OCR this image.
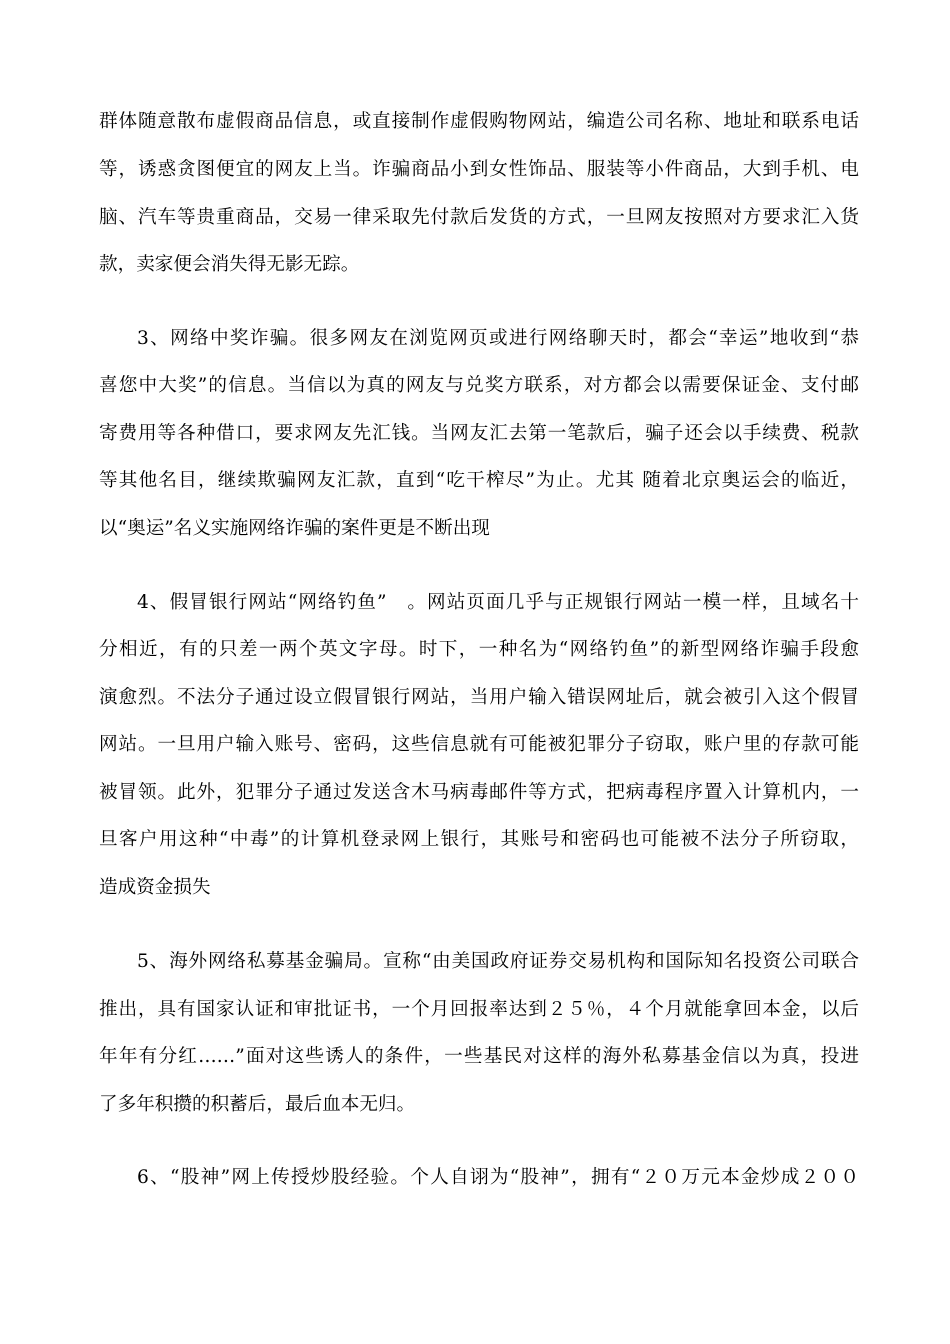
群体随意散布虚假商品信息，或直接制作虚假购物网站，编造公司名称、地址和联系电话
等，诱惑贪图便宜的网友上当。诈骗商品小到女性饰品、服装等小件商品，大到手机、电
脑、汽车等贵重商品，交易一律采取先付款后发货的方式，一旦网友按照对方要求汇入货
款，卖家便会消失得无影无踪。
3、网络中奖诈骗。很多网友在浏览网页或进行网络聊天时，都会“幸运”地收到“恭
喜您中大奖”的信息。当信以为真的网友与兑奖方联系，对方都会以需要保证金、支付邮
寄费用等各种借口，要求网友先汇钱。当网友汇去第一笔款后，骗子还会以手续费、税款
等其他名目，继续欺骗网友汇款，直到“吃干榨尽”为止。尤其 随着北京奥运会的临近，
以“奥运”名义实施网络诈骗的案件更是不断出现
4、假冒银行网站“网络钓鱼”　。网站页面几乎与正规银行网站一模一样，且域名十
分相近，有的只差一两个英文字母。时下，一种名为“网络钓鱼”的新型网络诈骗手段愈
演愈烈。不法分子通过设立假冒银行网站，当用户输入错误网址后，就会被引入这个假冒
网站。一旦用户输入账号、密码，这些信息就有可能被犯罪分子窃取，账户里的存款可能
被冒领。此外，犯罪分子通过发送含木马病毒邮件等方式，把病毒程序置入计算机内，一
旦客户用这种“中毒”的计算机登录网上银行，其账号和密码也可能被不法分子所窃取，
造成资金损失
5、海外网络私募基金骗局。宣称“由美国政府证券交易机构和国际知名投资公司联合
推出，具有国家认证和审批证书，一个月回报率达到２５％，４个月就能拿回本金，以后
年年有分红……”面对这些诱人的条件，一些基民对这样的海外私募基金信以为真，投进
了多年积攒的积蓄后，最后血本无归。
6、“股神”网上传授炒股经验。个人自诩为“股神”，拥有“２０万元本金炒成２００
